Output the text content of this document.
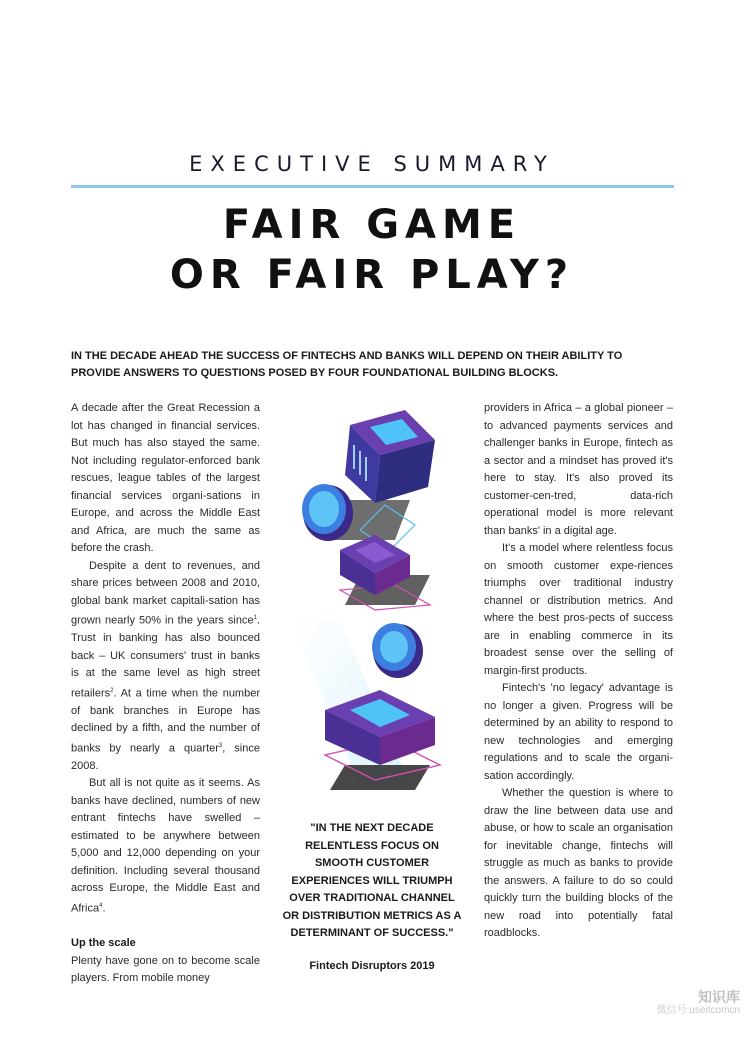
EXECUTIVE SUMMARY
FAIR GAME
OR FAIR PLAY?
IN THE DECADE AHEAD THE SUCCESS OF FINTECHS AND BANKS WILL DEPEND ON THEIR ABILITY TO PROVIDE ANSWERS TO QUESTIONS POSED BY FOUR FOUNDATIONAL BUILDING BLOCKS.

A decade after the Great Recession a lot has changed in financial services. But much has also stayed the same. Not including regulator-enforced bank rescues, league tables of the largest financial services organi-sations in Europe, and across the Middle East and Africa, are much the same as before the crash.

Despite a dent to revenues, and share prices between 2008 and 2010, global bank market capitali-sation has grown nearly 50% in the years since$^1$. Trust in banking has also bounced back – UK consumers' trust in banks is at the same level as high street retailers$^2$. At a time when the number of bank branches in Europe has declined by a fifth, and the number of banks by nearly a quarter$^3$, since 2008.

But all is not quite as it seems. As banks have declined, numbers of new entrant fintechs have swelled – estimated to be anywhere between 5,000 and 12,000 depending on your definition. Including several thousand across Europe, the Middle East and Africa$^4$.

Up the scale

Plenty have gone on to become scale players. From mobile money

"IN THE NEXT DECADE RELENTLESS FOCUS ON SMOOTH CUSTOMER EXPERIENCES WILL TRIUMPH OVER TRADITIONAL CHANNEL OR DISTRIBUTION METRICS AS A DETERMINANT OF SUCCESS."
Fintech Disruptors 2019

providers in Africa – a global pioneer – to advanced payments services and challenger banks in Europe, fintech as a sector and a mindset has proved it's here to stay. It's also proved its customer-cen-tred, data-rich operational model is more relevant than banks' in a digital age.

It's a model where relentless focus on smooth customer expe-riences triumphs over traditional industry channel or distribution metrics. And where the best pros-pects of success are in enabling commerce in its broadest sense over the selling of margin-first products.

Fintech's 'no legacy' advantage is no longer a given. Progress will be determined by an ability to respond to new technologies and emerging regulations and to scale the organi-sation accordingly.

Whether the question is where to draw the line between data use and abuse, or how to scale an organisation for inevitable change, fintechs will struggle as much as banks to provide the answers. A failure to do so could quickly turn the building blocks of the new road into potentially fatal roadblocks.

知识库
微信号:useitcomcn
